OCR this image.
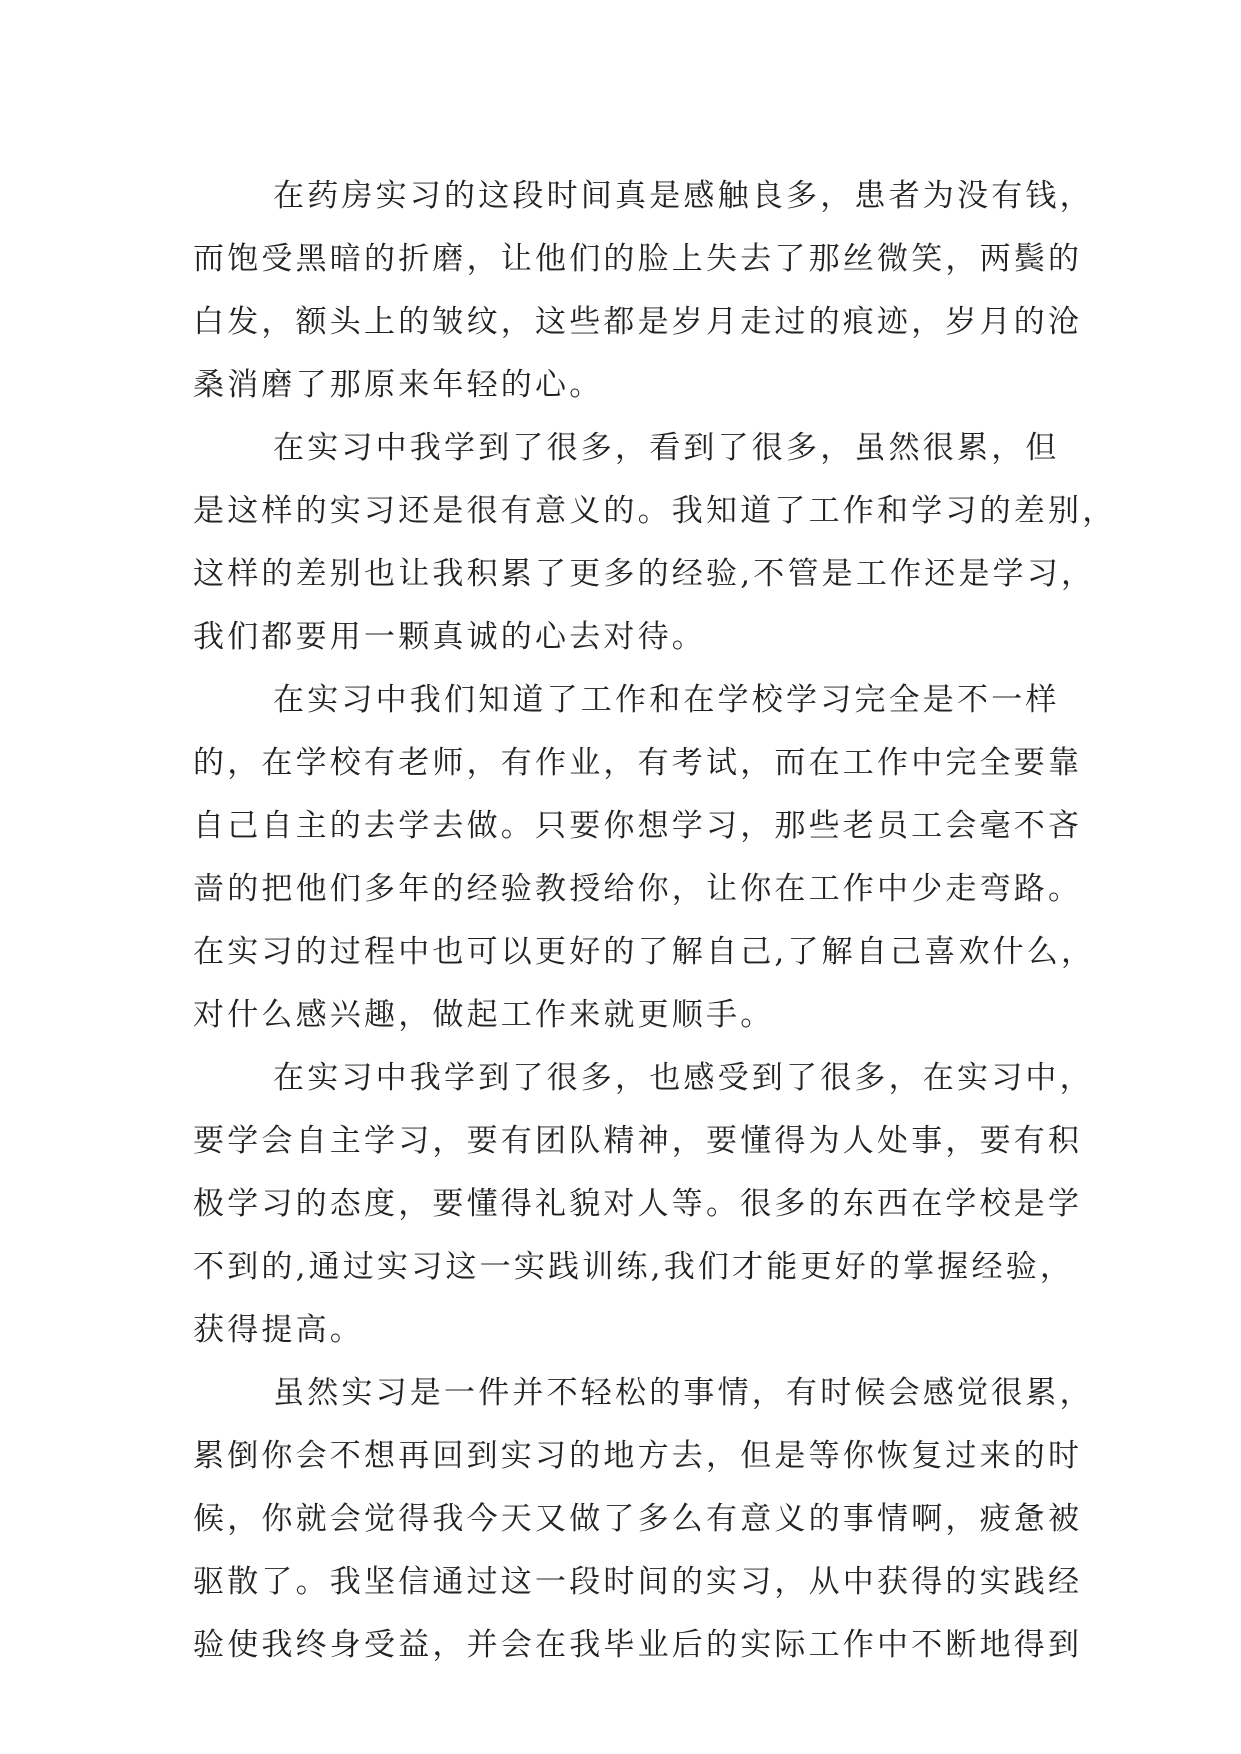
在药房实习的这段时间真是感触良多，患者为没有钱，
而饱受黑暗的折磨，让他们的脸上失去了那丝微笑，两鬓的
白发，额头上的皱纹，这些都是岁月走过的痕迹，岁月的沧
桑消磨了那原来年轻的心。
在实习中我学到了很多，看到了很多，虽然很累，但
是这样的实习还是很有意义的。我知道了工作和学习的差别，
这样的差别也让我积累了更多的经验,不管是工作还是学习，
我们都要用一颗真诚的心去对待。
在实习中我们知道了工作和在学校学习完全是不一样
的，在学校有老师，有作业，有考试，而在工作中完全要靠
自己自主的去学去做。只要你想学习，那些老员工会毫不吝
啬的把他们多年的经验教授给你，让你在工作中少走弯路。
在实习的过程中也可以更好的了解自己,了解自己喜欢什么，
对什么感兴趣，做起工作来就更顺手。
在实习中我学到了很多，也感受到了很多，在实习中，
要学会自主学习，要有团队精神，要懂得为人处事，要有积
极学习的态度，要懂得礼貌对人等。很多的东西在学校是学
不到的,通过实习这一实践训练,我们才能更好的掌握经验，
获得提高。
虽然实习是一件并不轻松的事情，有时候会感觉很累，
累倒你会不想再回到实习的地方去，但是等你恢复过来的时
候，你就会觉得我今天又做了多么有意义的事情啊，疲惫被
驱散了。我坚信通过这一段时间的实习，从中获得的实践经
验使我终身受益，并会在我毕业后的实际工作中不断地得到
